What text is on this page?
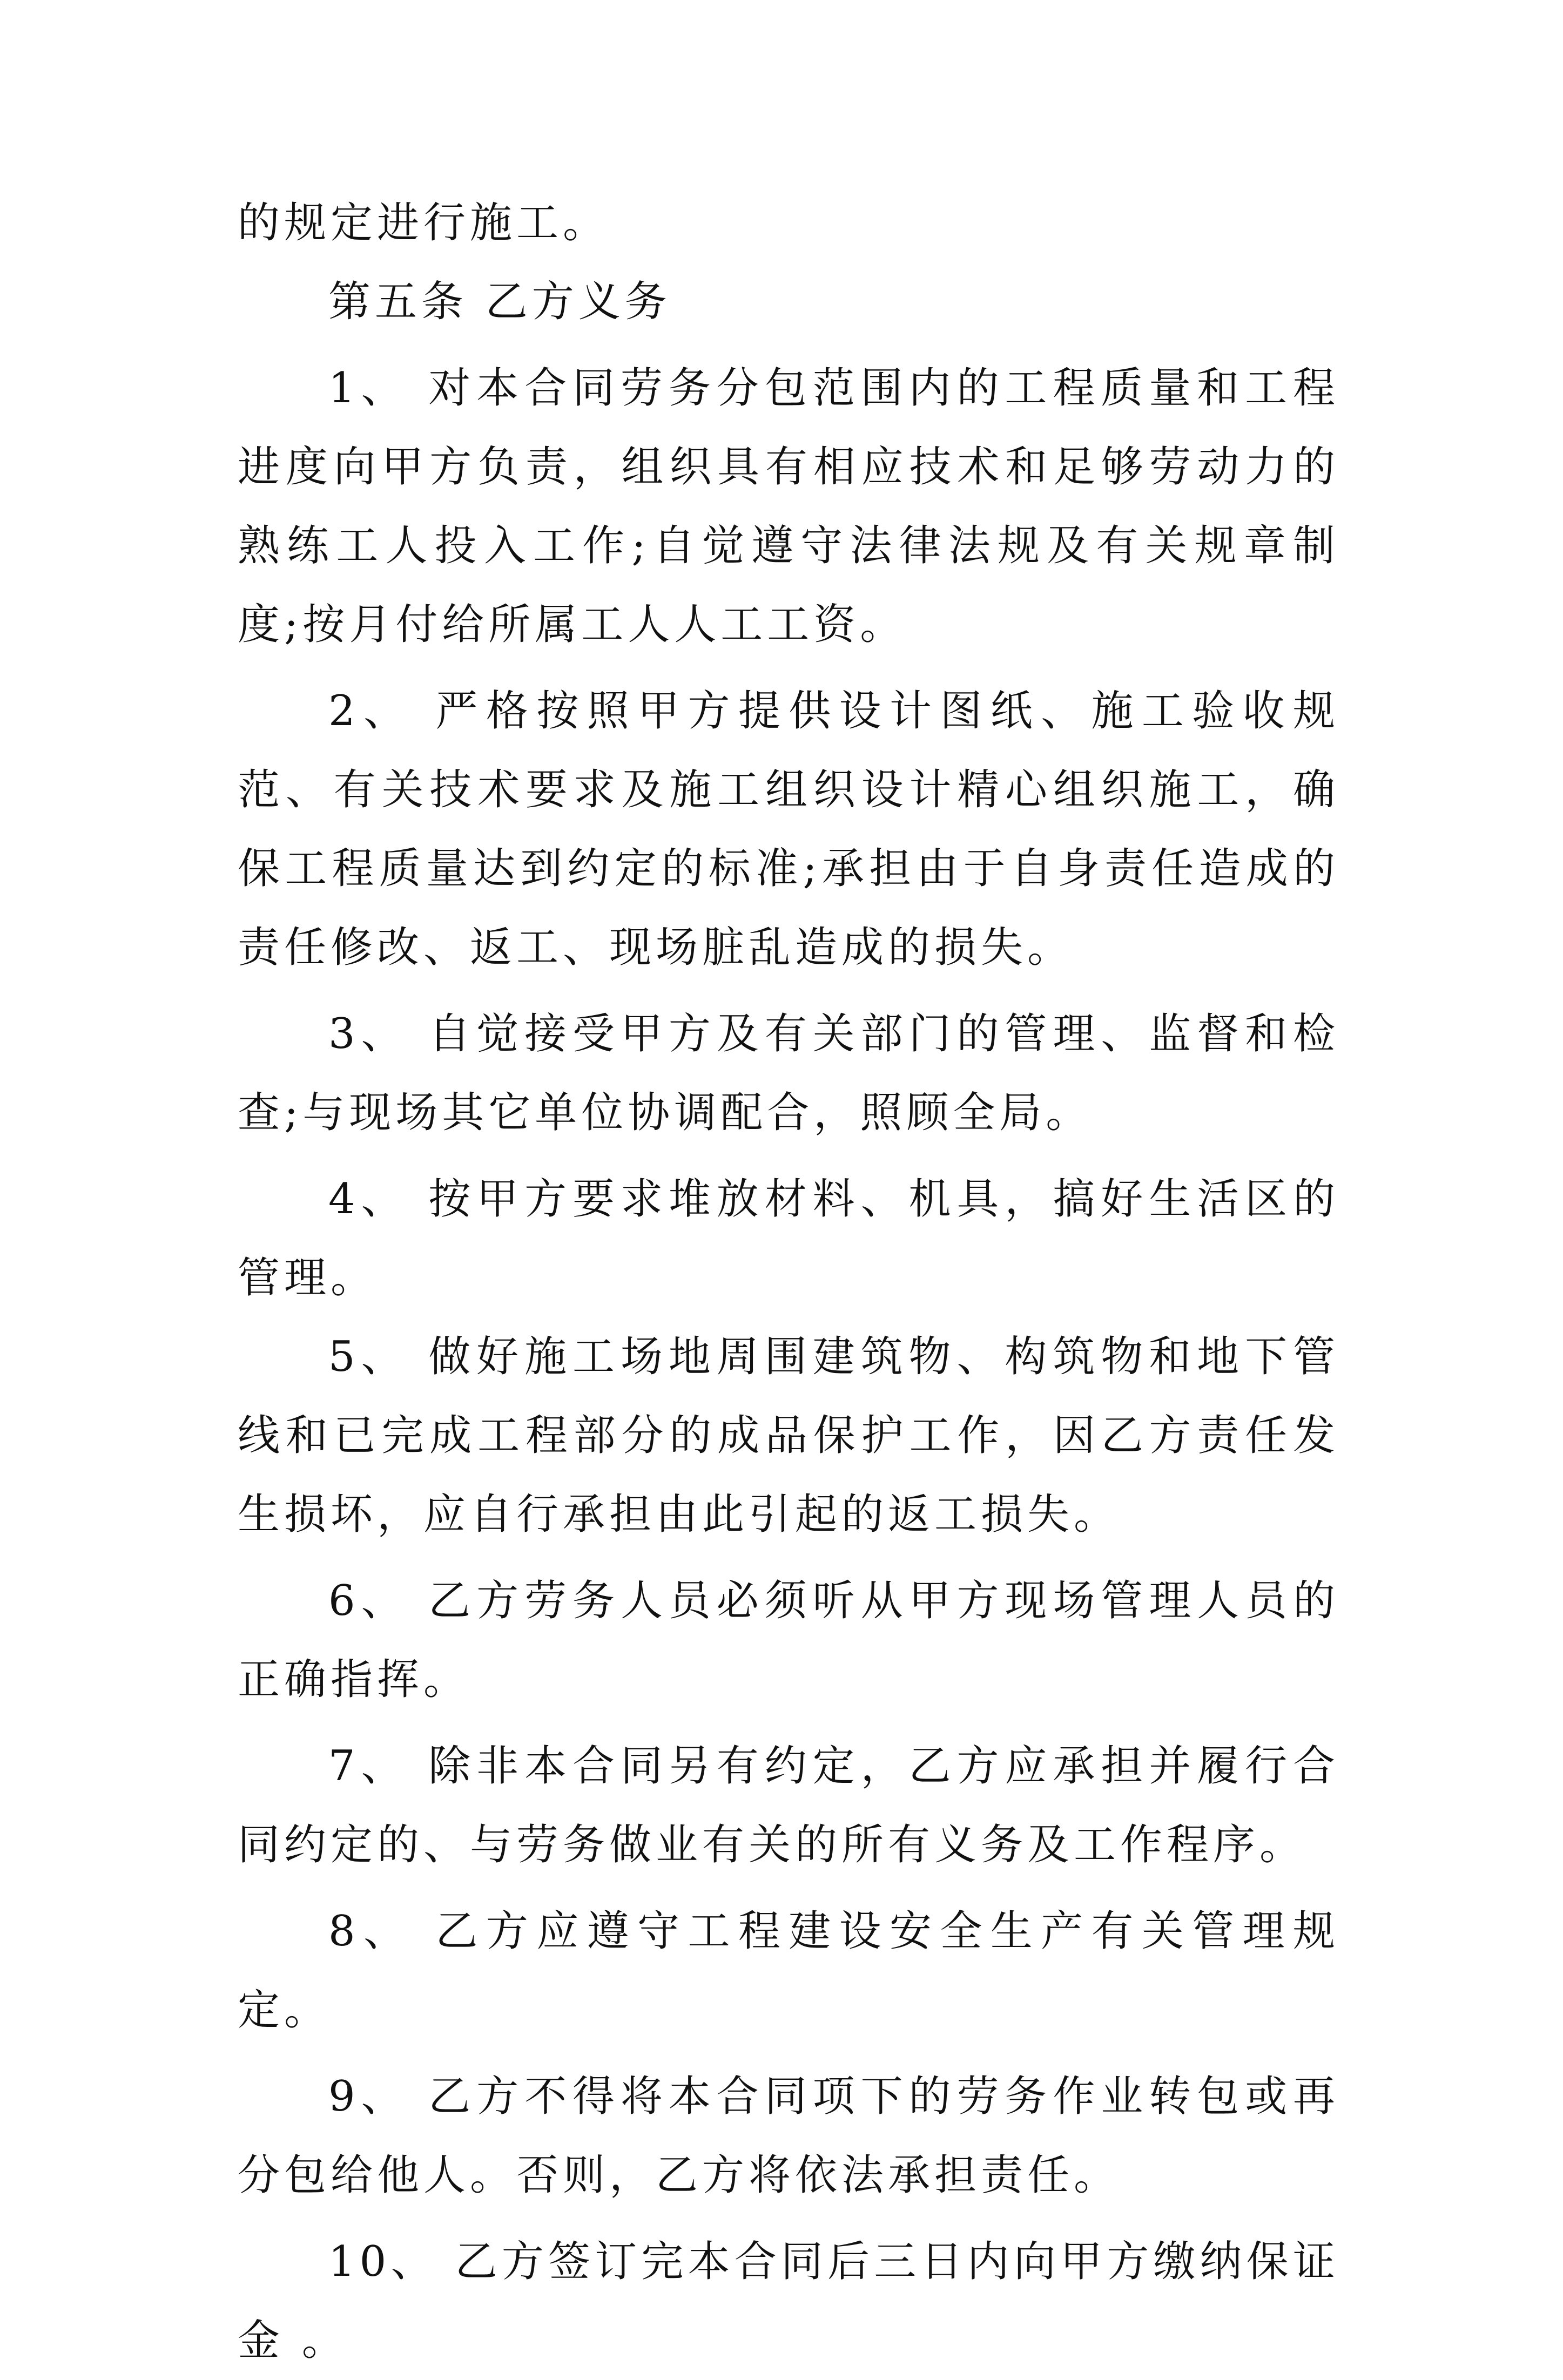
的规定进行施工。

第五条 乙方义务

1、 对本合同劳务分包范围内的工程质量和工程进度向甲方负责，组织具有相应技术和足够劳动力的熟练工人投入工作;自觉遵守法律法规及有关规章制度;按月付给所属工人人工工资。

2、 严格按照甲方提供设计图纸、施工验收规范、有关技术要求及施工组织设计精心组织施工，确保工程质量达到约定的标准;承担由于自身责任造成的责任修改、返工、现场脏乱造成的损失。

3、 自觉接受甲方及有关部门的管理、监督和检查;与现场其它单位协调配合，照顾全局。

4、 按甲方要求堆放材料、机具，搞好生活区的管理。

5、 做好施工场地周围建筑物、构筑物和地下管线和已完成工程部分的成品保护工作，因乙方责任发生损坏，应自行承担由此引起的返工损失。

6、 乙方劳务人员必须听从甲方现场管理人员的正确指挥。

7、 除非本合同另有约定，乙方应承担并履行合同约定的、与劳务做业有关的所有义务及工作程序。

8、 乙方应遵守工程建设安全生产有关管理规定。

9、 乙方不得将本合同项下的劳务作业转包或再分包给他人。否则，乙方将依法承担责任。

10、 乙方签订完本合同后三日内向甲方缴纳保证金 。
